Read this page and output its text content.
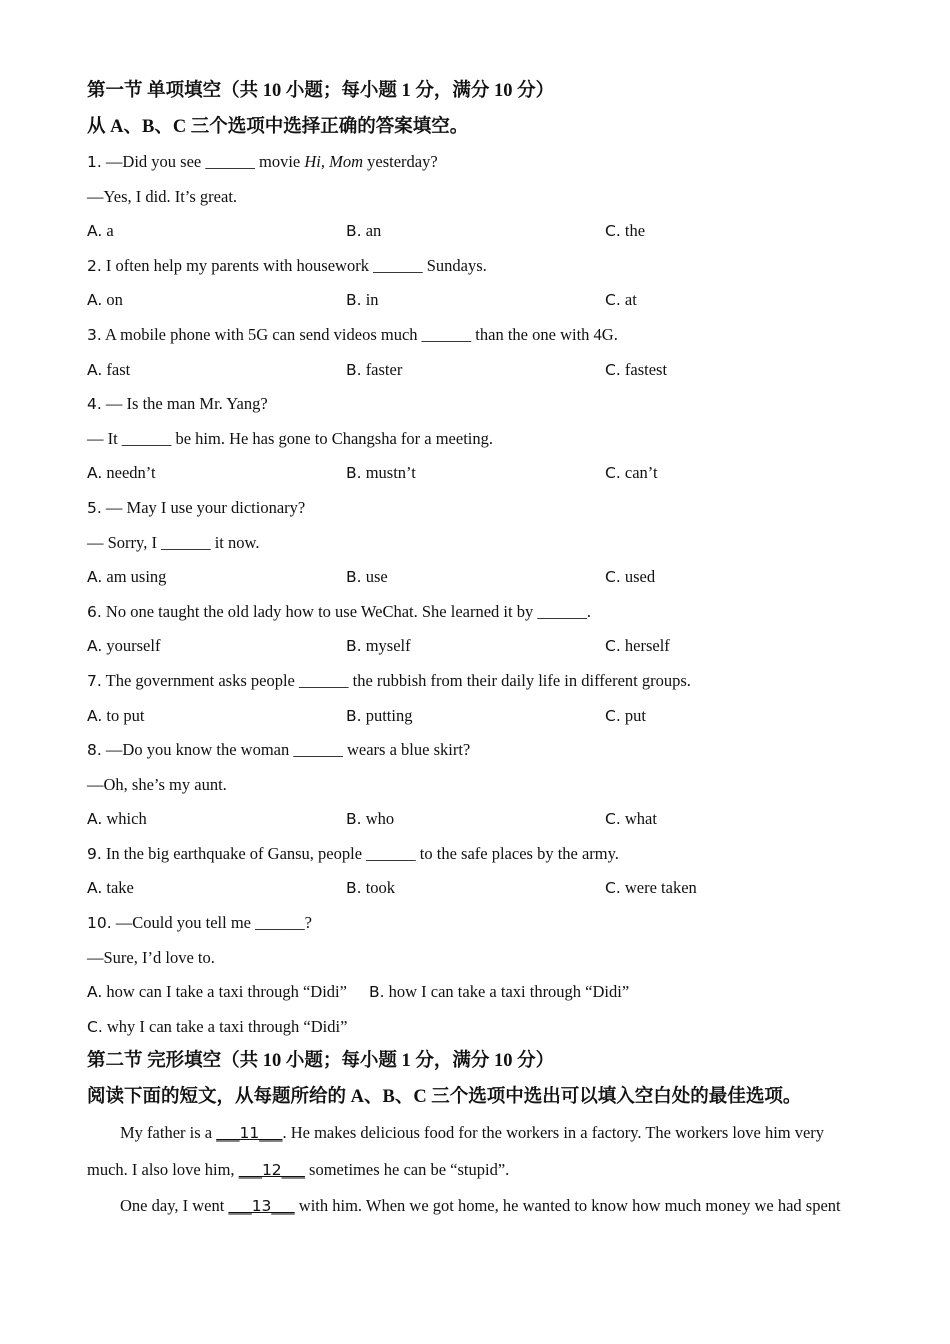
第一节 单项填空（共 10 小题；每小题 1 分，满分 10 分）
从 A、B、C 三个选项中选择正确的答案填空。
1. —Did you see ______ movie Hi, Mom yesterday?
—Yes, I did. It’s great.
A. a	B. an	C. the
2. I often help my parents with housework ______ Sundays.
A. on	B. in	C. at
3. A mobile phone with 5G can send videos much ______ than the one with 4G.
A. fast	B. faster	C. fastest
4. — Is the man Mr. Yang?
— It ______ be him. He has gone to Changsha for a meeting.
A. needn’t	B. mustn’t	C. can’t
5. — May I use your dictionary?
— Sorry, I ______ it now.
A. am using	B. use	C. used
6. No one taught the old lady how to use WeChat. She learned it by ______.
A. yourself	B. myself	C. herself
7. The government asks people ______ the rubbish from their daily life in different groups.
A. to put	B. putting	C. put
8. —Do you know the woman ______ wears a blue skirt?
—Oh, she’s my aunt.
A. which	B. who	C. what
9. In the big earthquake of Gansu, people ______ to the safe places by the army.
A. take	B. took	C. were taken
10. —Could you tell me ______?
—Sure, I’d love to.
A. how can I take a taxi through “Didi” B. how I can take a taxi through “Didi”
C. why I can take a taxi through “Didi”
第二节 完形填空（共 10 小题；每小题 1 分，满分 10 分）
阅读下面的短文，从每题所给的 A、B、C 三个选项中选出可以填入空白处的最佳选项。
My father is a ___11___. He makes delicious food for the workers in a factory. The workers love him very
much. I also love him, ___12___ sometimes he can be “stupid”.
One day, I went ___13___ with him. When we got home, he wanted to know how much money we had spent
